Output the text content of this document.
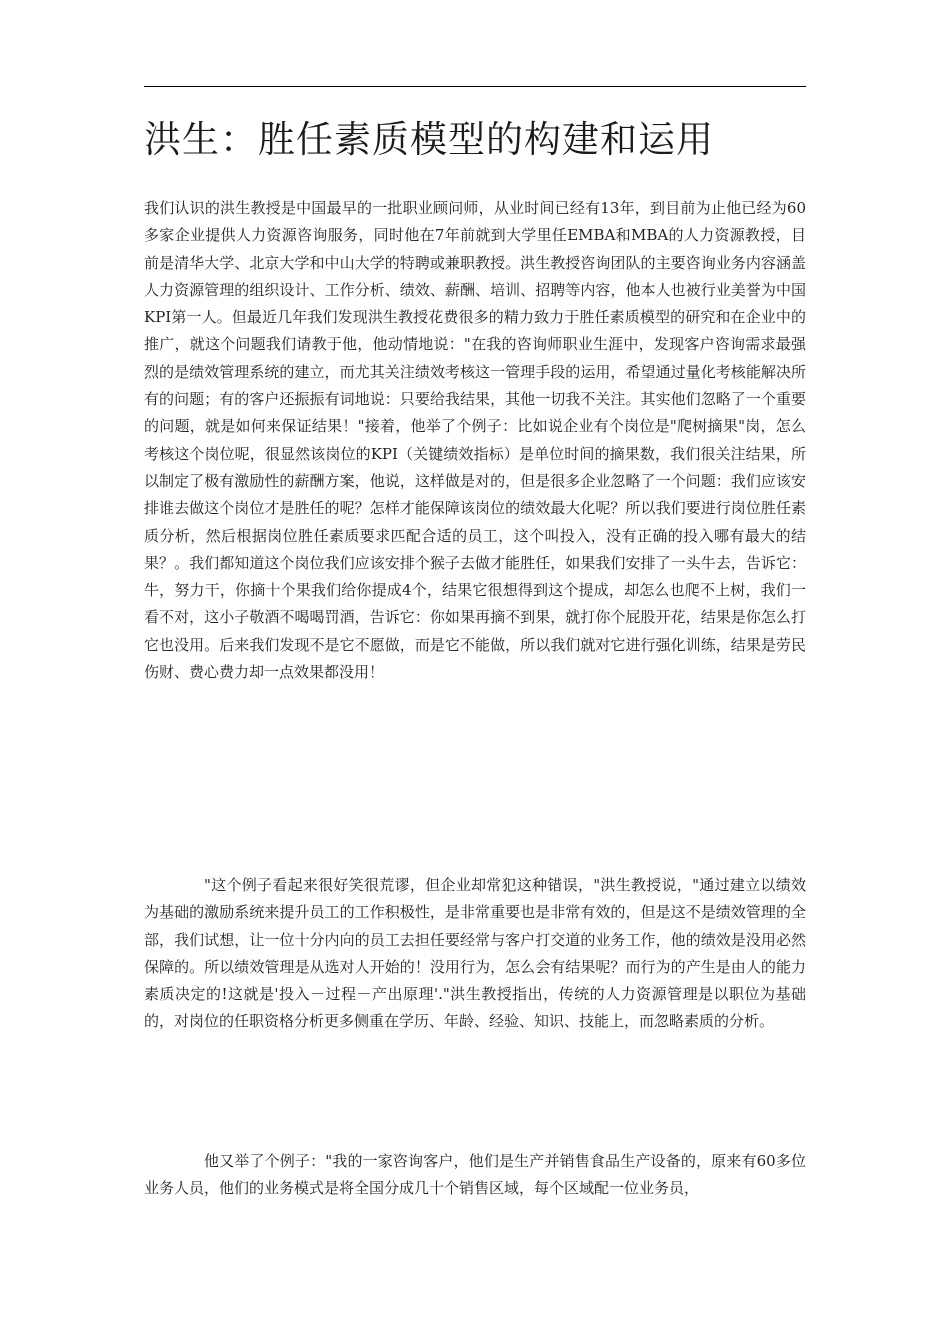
洪生：胜任素质模型的构建和运用

我们认识的洪生教授是中国最早的一批职业顾问师，从业时间已经有13年，到目前为止他已经为60多家企业提供人力资源咨询服务，同时他在7年前就到大学里任EMBA和MBA的人力资源教授，目前是清华大学、北京大学和中山大学的特聘或兼职教授。洪生教授咨询团队的主要咨询业务内容涵盖人力资源管理的组织设计、工作分析、绩效、薪酬、培训、招聘等内容，他本人也被行业美誉为中国KPI第一人。但最近几年我们发现洪生教授花费很多的精力致力于胜任素质模型的研究和在企业中的推广，就这个问题我们请教于他，他动情地说："在我的咨询师职业生涯中，发现客户咨询需求最强烈的是绩效管理系统的建立，而尤其关注绩效考核这一管理手段的运用，希望通过量化考核能解决所有的问题；有的客户还振振有词地说：只要给我结果，其他一切我不关注。其实他们忽略了一个重要的问题，就是如何来保证结果！"接着，他举了个例子：比如说企业有个岗位是"爬树摘果"岗，怎么考核这个岗位呢，很显然该岗位的KPI（关键绩效指标）是单位时间的摘果数，我们很关注结果，所以制定了极有激励性的薪酬方案，他说，这样做是对的，但是很多企业忽略了一个问题：我们应该安排谁去做这个岗位才是胜任的呢？怎样才能保障该岗位的绩效最大化呢？所以我们要进行岗位胜任素质分析，然后根据岗位胜任素质要求匹配合适的员工，这个叫投入，没有正确的投入哪有最大的结果？。我们都知道这个岗位我们应该安排个猴子去做才能胜任，如果我们安排了一头牛去，告诉它：牛，努力干，你摘十个果我们给你提成4个，结果它很想得到这个提成，却怎么也爬不上树，我们一看不对，这小子敬酒不喝喝罚酒，告诉它：你如果再摘不到果，就打你个屁股开花，结果是你怎么打它也没用。后来我们发现不是它不愿做，而是它不能做，所以我们就对它进行强化训练，结果是劳民伤财、费心费力却一点效果都没用！

"这个例子看起来很好笑很荒谬，但企业却常犯这种错误，"洪生教授说，"通过建立以绩效为基础的激励系统来提升员工的工作积极性，是非常重要也是非常有效的，但是这不是绩效管理的全部，我们试想，让一位十分内向的员工去担任要经常与客户打交道的业务工作，他的绩效是没用必然保障的。所以绩效管理是从选对人开始的！没用行为，怎么会有结果呢？而行为的产生是由人的能力素质决定的!这就是'投入－过程－产出原理'."洪生教授指出，传统的人力资源管理是以职位为基础的，对岗位的任职资格分析更多侧重在学历、年龄、经验、知识、技能上，而忽略素质的分析。

他又举了个例子："我的一家咨询客户，他们是生产并销售食品生产设备的，原来有60多位业务人员，他们的业务模式是将全国分成几十个销售区域，每个区域配一位业务员，
